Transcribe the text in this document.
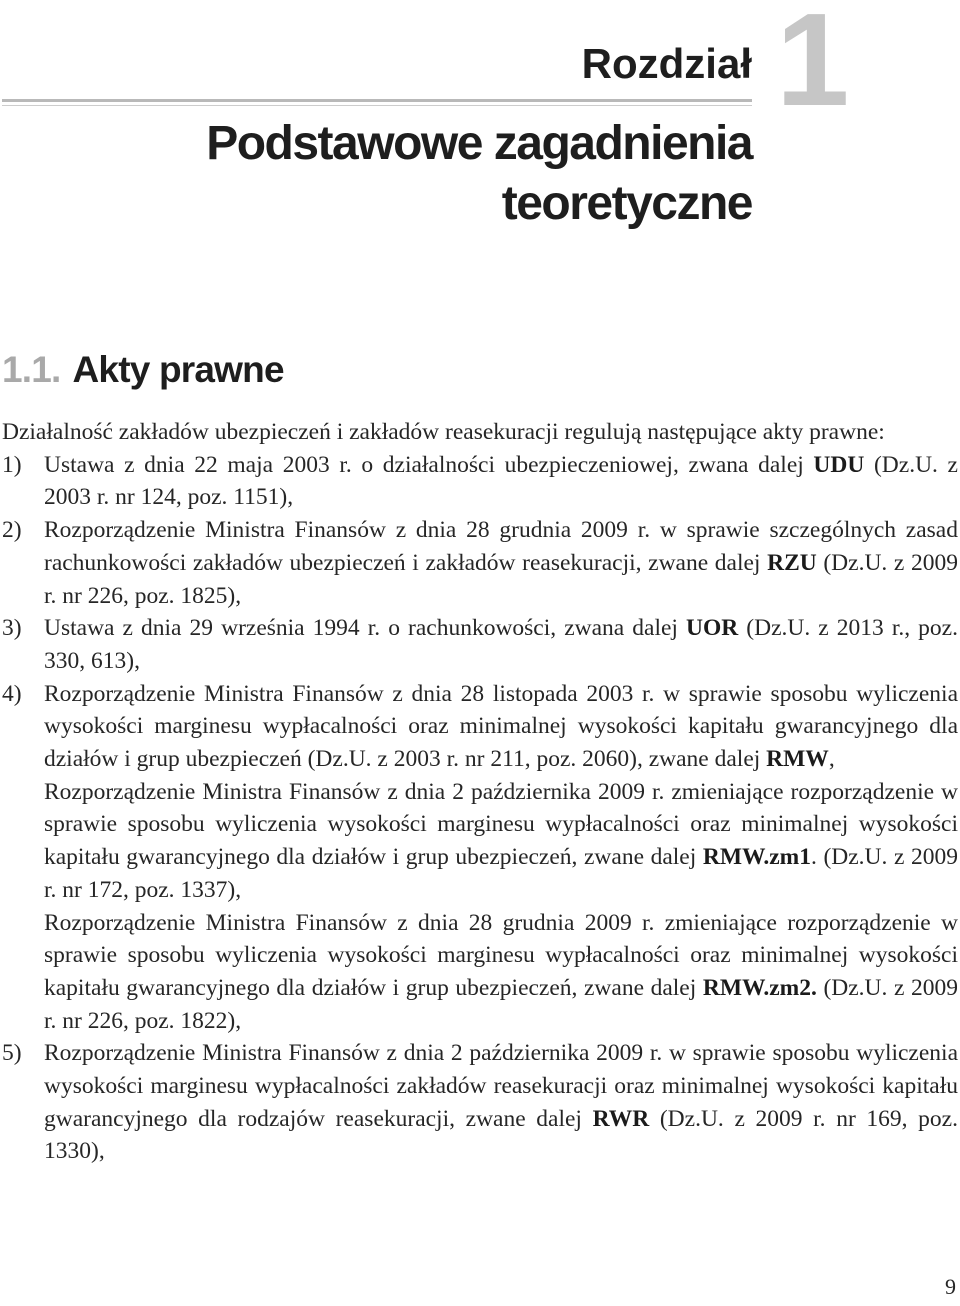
Rozdział 1
Podstawowe zagadnienia
teoretyczne
1.1. Akty prawne

Działalność zakładów ubezpieczeń i zakładów reasekuracji regulują następujące akty prawne:

1) Ustawa z dnia 22 maja 2003 r. o działalności ubezpieczeniowej, zwana dalej UDU (Dz.U. z 2003 r. nr 124, poz. 1151),
2) Rozporządzenie Ministra Finansów z dnia 28 grudnia 2009 r. w sprawie szczególnych zasad rachunkowości zakładów ubezpieczeń i zakładów reasekuracji, zwane dalej RZU (Dz.U. z 2009 r. nr 226, poz. 1825),
3) Ustawa z dnia 29 września 1994 r. o rachunkowości, zwana dalej UOR (Dz.U. z 2013 r., poz. 330, 613),
4) Rozporządzenie Ministra Finansów z dnia 28 listopada 2003 r. w sprawie sposobu wyliczenia wysokości marginesu wypłacalności oraz minimalnej wysokości kapitału gwarancyjnego dla działów i grup ubezpieczeń (Dz.U. z 2003 r. nr 211, poz. 2060), zwane dalej RMW,
Rozporządzenie Ministra Finansów z dnia 2 października 2009 r. zmieniające rozporządzenie w sprawie sposobu wyliczenia wysokości marginesu wypłacalności oraz minimalnej wysokości kapitału gwarancyjnego dla działów i grup ubezpieczeń, zwane dalej RMW.zm1. (Dz.U. z 2009 r. nr 172, poz. 1337),
Rozporządzenie Ministra Finansów z dnia 28 grudnia 2009 r. zmieniające rozporządzenie w sprawie sposobu wyliczenia wysokości marginesu wypłacalności oraz minimalnej wysokości kapitału gwarancyjnego dla działów i grup ubezpieczeń, zwane dalej RMW.zm2. (Dz.U. z 2009 r. nr 226, poz. 1822),
5) Rozporządzenie Ministra Finansów z dnia 2 października 2009 r. w sprawie sposobu wyliczenia wysokości marginesu wypłacalności zakładów reasekuracji oraz minimalnej wysokości kapitału gwarancyjnego dla rodzajów reasekuracji, zwane dalej RWR (Dz.U. z 2009 r. nr 169, poz. 1330),
9
